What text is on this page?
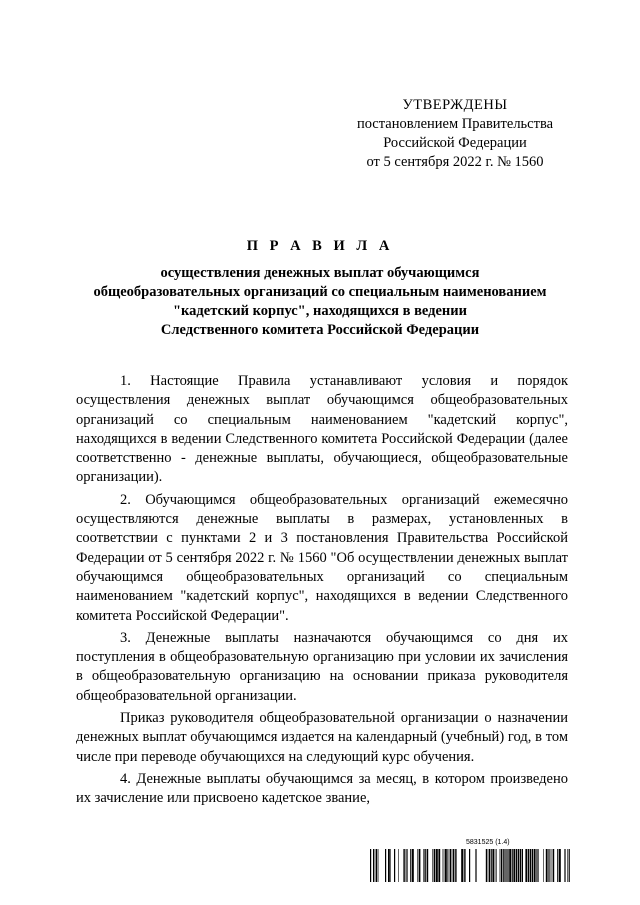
УТВЕРЖДЕНЫ
постановлением Правительства
Российской Федерации
от 5 сентября 2022 г. № 1560
П Р А В И Л А
осуществления денежных выплат обучающимся
общеобразовательных организаций со специальным наименованием
"кадетский корпус", находящихся в ведении
Следственного комитета Российской Федерации

1. Настоящие Правила устанавливают условия и порядок осуществления денежных выплат обучающимся общеобразовательных организаций со специальным наименованием "кадетский корпус", находящихся в ведении Следственного комитета Российской Федерации (далее соответственно - денежные выплаты, обучающиеся, общеобразовательные организации).

2. Обучающимся общеобразовательных организаций ежемесячно осуществляются денежные выплаты в размерах, установленных в соответствии с пунктами 2 и 3 постановления Правительства Российской Федерации от 5 сентября 2022 г. № 1560 "Об осуществлении денежных выплат обучающимся общеобразовательных организаций со специальным наименованием "кадетский корпус", находящихся в ведении Следственного комитета Российской Федерации".

3. Денежные выплаты назначаются обучающимся со дня их поступления в общеобразовательную организацию при условии их зачисления в общеобразовательную организацию на основании приказа руководителя общеобразовательной организации.

Приказ руководителя общеобразовательной организации о назначении денежных выплат обучающимся издается на календарный (учебный) год, в том числе при переводе обучающихся на следующий курс обучения.

4. Денежные выплаты обучающимся за месяц, в котором произведено их зачисление или присвоено кадетское звание,

5831525 (1.4)
